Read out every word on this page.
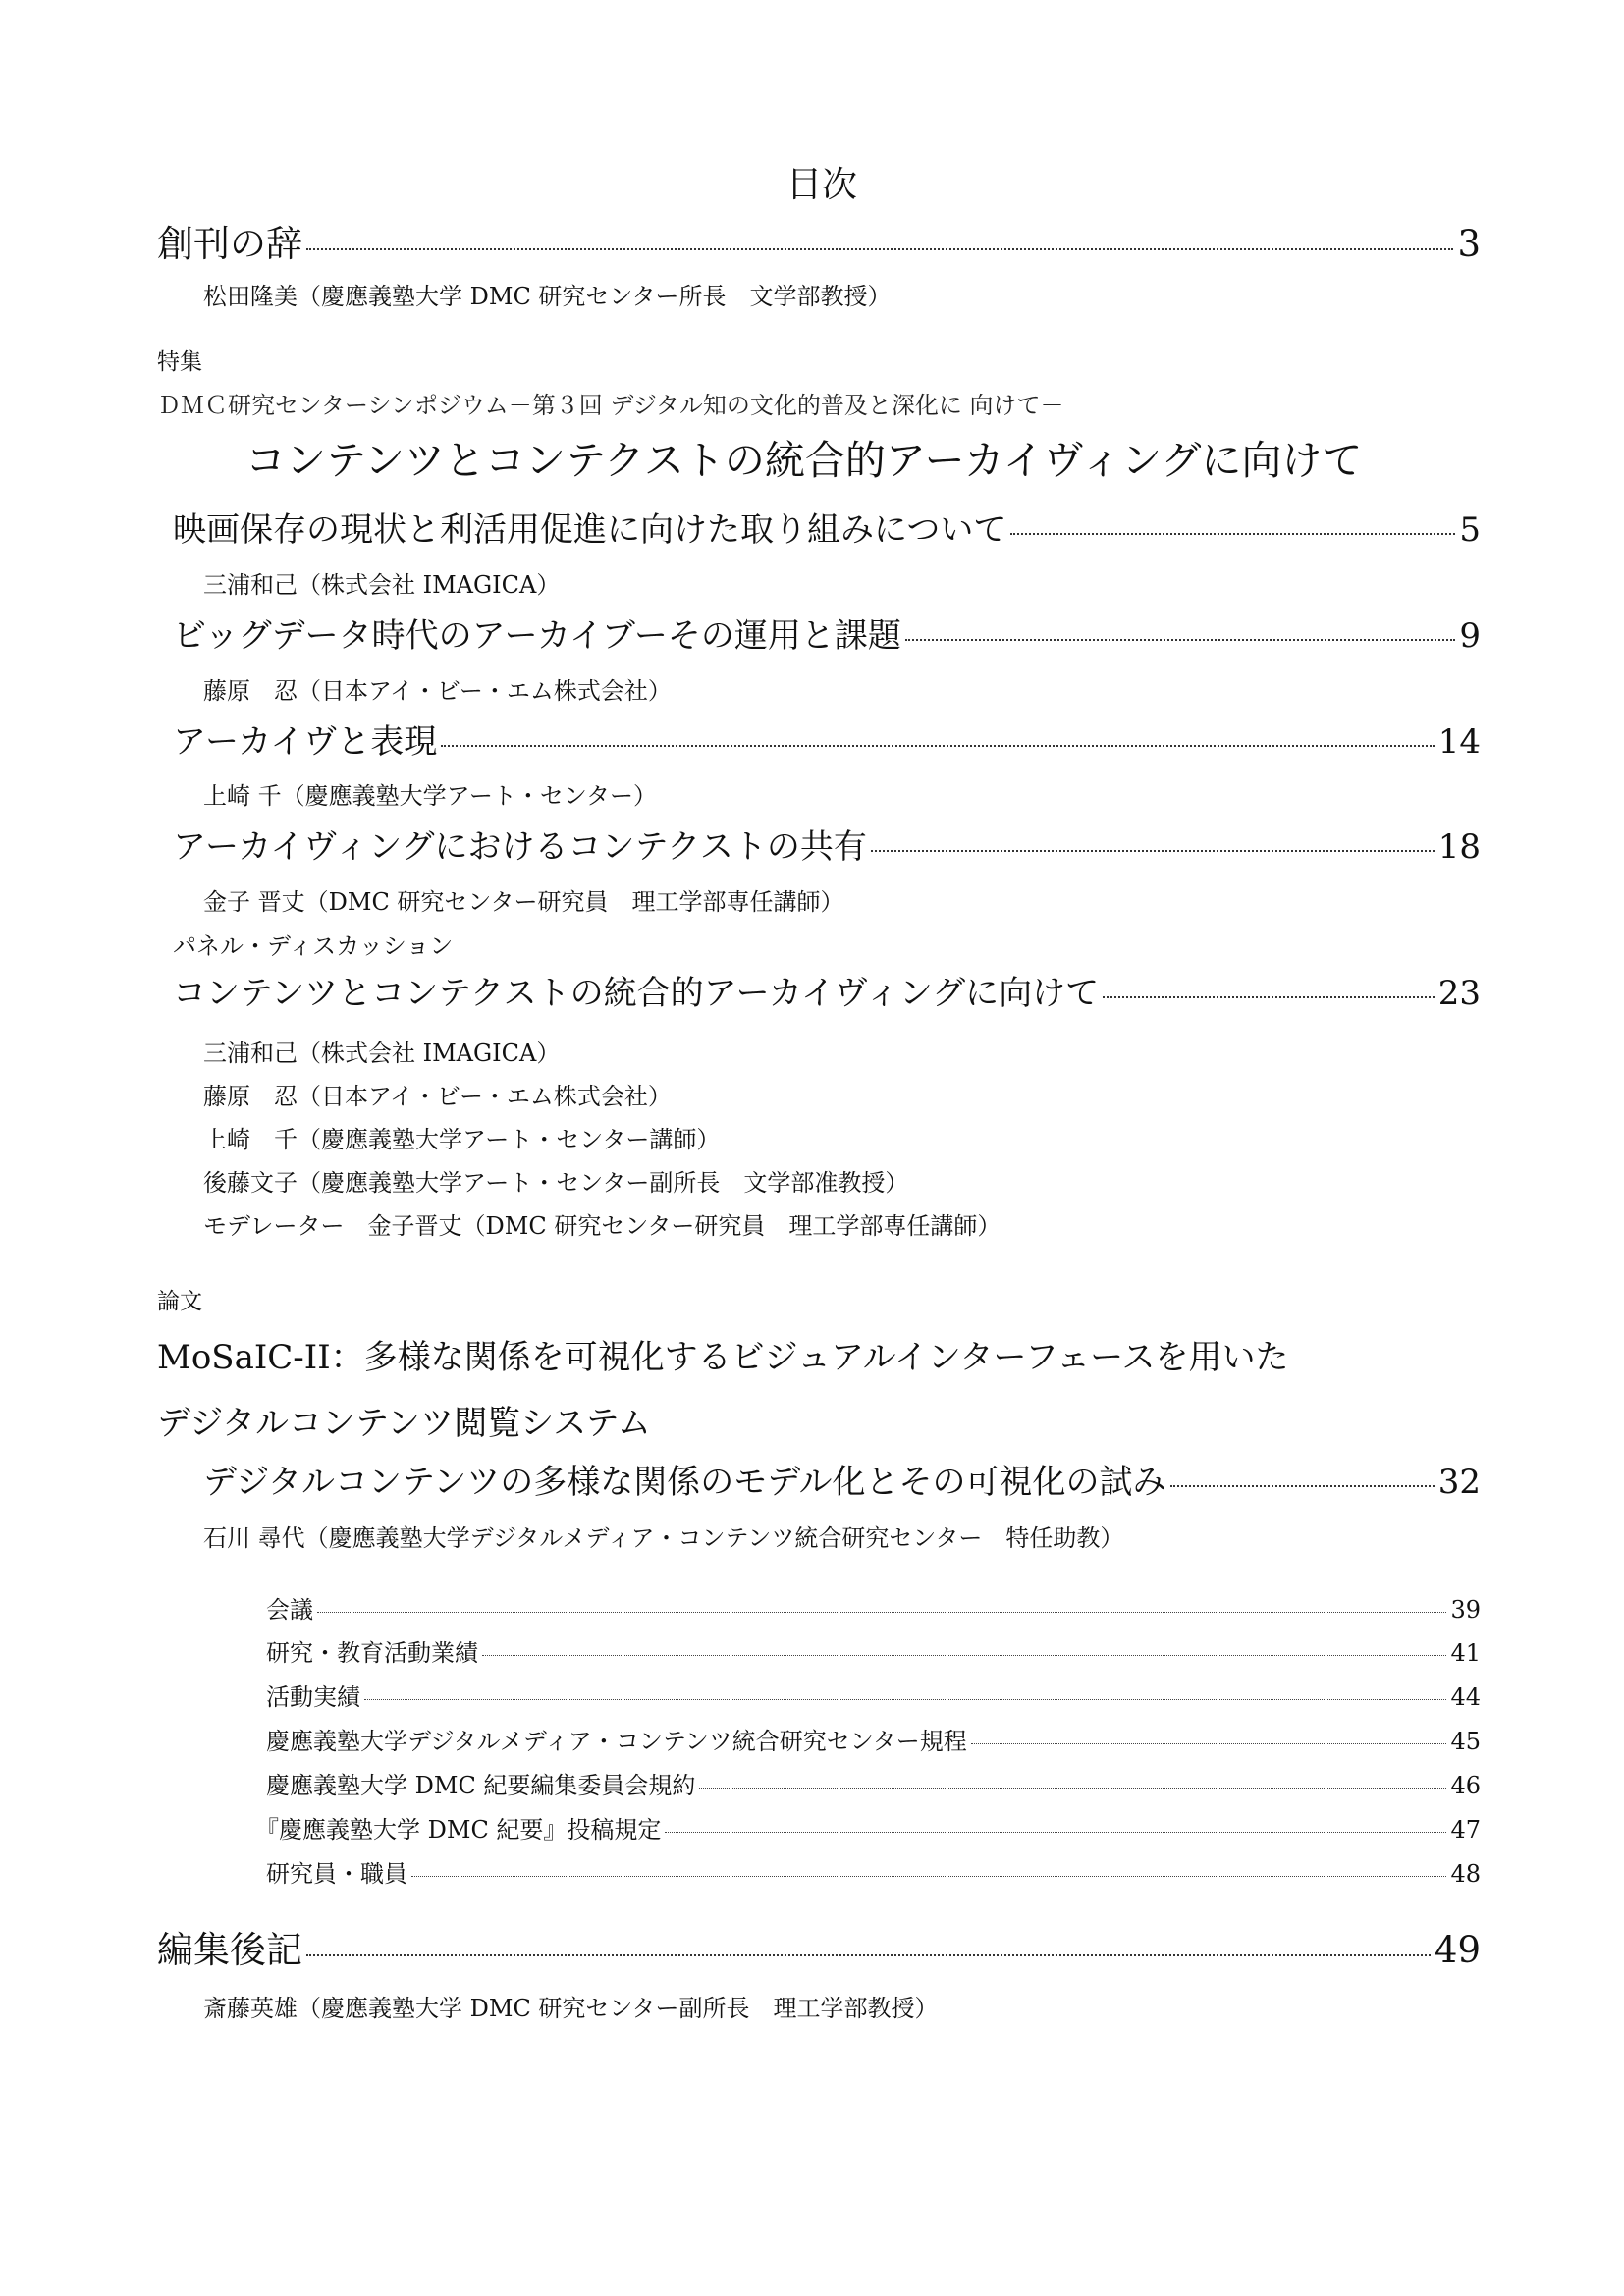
目次
創刊の辞	3
松田隆美（慶應義塾大学 DMC 研究センター所長　文学部教授）
特集
ＤＭＣ研究センターシンポジウム－第３回 デジタル知の文化的普及と深化に 向けて－
コンテンツとコンテクストの統合的アーカイヴィングに向けて
映画保存の現状と利活用促進に向けた取り組みについて	5
三浦和己（株式会社 IMAGICA）
ビッグデータ時代のアーカイブーその運用と課題	9
藤原　忍（日本アイ・ビー・エム株式会社）
アーカイヴと表現	14
上崎 千（慶應義塾大学アート・センター）
アーカイヴィングにおけるコンテクストの共有	18
金子 晋丈（DMC 研究センター研究員　理工学部専任講師）
パネル・ディスカッション
コンテンツとコンテクストの統合的アーカイヴィングに向けて	23
三浦和己（株式会社 IMAGICA）
藤原　忍（日本アイ・ビー・エム株式会社）
上崎　千（慶應義塾大学アート・センター講師）
後藤文子（慶應義塾大学アート・センター副所長　文学部准教授）
モデレーター　金子晋丈（DMC 研究センター研究員　理工学部専任講師）
論文
MoSaIC-II：多様な関係を可視化するビジュアルインターフェースを用いた
デジタルコンテンツ閲覧システム
デジタルコンテンツの多様な関係のモデル化とその可視化の試み	32
石川 尋代（慶應義塾大学デジタルメディア・コンテンツ統合研究センター　特任助教）
会議	39
研究・教育活動業績	41
活動実績	44
慶應義塾大学デジタルメディア・コンテンツ統合研究センター規程	45
慶應義塾大学 DMC 紀要編集委員会規約	46
『慶應義塾大学 DMC 紀要』投稿規定	47
研究員・職員	48
編集後記	49
斎藤英雄（慶應義塾大学 DMC 研究センター副所長　理工学部教授）
